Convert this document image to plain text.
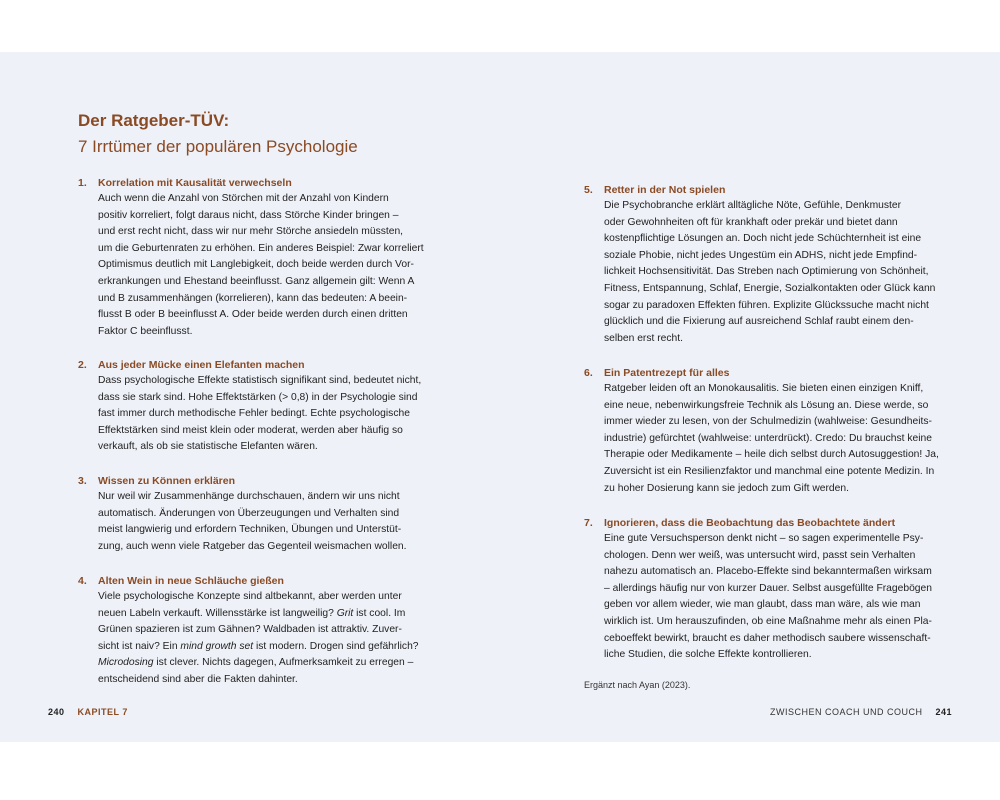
Der Ratgeber-TÜV:
7 Irrtümer der populären Psychologie
1. Korrelation mit Kausalität verwechseln

Auch wenn die Anzahl von Störchen mit der Anzahl von Kindern

positiv korreliert, folgt daraus nicht, dass Störche Kinder bringen –

und erst recht nicht, dass wir nur mehr Störche ansiedeln müssten,

um die Geburtenraten zu erhöhen. Ein anderes Beispiel: Zwar korreliert

Optimismus deutlich mit Langlebigkeit, doch beide werden durch Vor-

erkrankungen und Ehestand beeinflusst. Ganz allgemein gilt: Wenn A

und B zusammenhängen (korrelieren), kann das bedeuten: A beein-

flusst B oder B beeinflusst A. Oder beide werden durch einen dritten

Faktor C beeinflusst.

2. Aus jeder Mücke einen Elefanten machen

Dass psychologische Effekte statistisch signifikant sind, bedeutet nicht,

dass sie stark sind. Hohe Effektstärken (> 0,8) in der Psychologie sind

fast immer durch methodische Fehler bedingt. Echte psychologische

Effektstärken sind meist klein oder moderat, werden aber häufig so

verkauft, als ob sie statistische Elefanten wären.

3. Wissen zu Können erklären

Nur weil wir Zusammenhänge durchschauen, ändern wir uns nicht

automatisch. Änderungen von Überzeugungen und Verhalten sind

meist langwierig und erfordern Techniken, Übungen und Unterstüt-

zung, auch wenn viele Ratgeber das Gegenteil weismachen wollen.

4. Alten Wein in neue Schläuche gießen

Viele psychologische Konzepte sind altbekannt, aber werden unter

neuen Labeln verkauft. Willensstärke ist langweilig? Grit ist cool. Im

Grünen spazieren ist zum Gähnen? Waldbaden ist attraktiv. Zuver-

sicht ist naiv? Ein mind growth set ist modern. Drogen sind gefährlich?

Microdosing ist clever. Nichts dagegen, Aufmerksamkeit zu erregen –

entscheidend sind aber die Fakten dahinter.

5. Retter in der Not spielen

Die Psychobranche erklärt alltägliche Nöte, Gefühle, Denkmuster

oder Gewohnheiten oft für krankhaft oder prekär und bietet dann

kostenpflichtige Lösungen an. Doch nicht jede Schüchternheit ist eine

soziale Phobie, nicht jedes Ungestüm ein ADHS, nicht jede Empfind-

lichkeit Hochsensitivität. Das Streben nach Optimierung von Schönheit,

Fitness, Entspannung, Schlaf, Energie, Sozialkontakten oder Glück kann

sogar zu paradoxen Effekten führen. Explizite Glückssuche macht nicht

glücklich und die Fixierung auf ausreichend Schlaf raubt einem den-

selben erst recht.

6. Ein Patentrezept für alles

Ratgeber leiden oft an Monokausalitis. Sie bieten einen einzigen Kniff,

eine neue, nebenwirkungsfreie Technik als Lösung an. Diese werde, so

immer wieder zu lesen, von der Schulmedizin (wahlweise: Gesundheits-

industrie) gefürchtet (wahlweise: unterdrückt). Credo: Du brauchst keine

Therapie oder Medikamente – heile dich selbst durch Autosuggestion! Ja,

Zuversicht ist ein Resilienzfaktor und manchmal eine potente Medizin. In

zu hoher Dosierung kann sie jedoch zum Gift werden.

7. Ignorieren, dass die Beobachtung das Beobachtete ändert

Eine gute Versuchsperson denkt nicht – so sagen experimentelle Psy-

chologen. Denn wer weiß, was untersucht wird, passt sein Verhalten

nahezu automatisch an. Placebo-Effekte sind bekanntermaßen wirksam

– allerdings häufig nur von kurzer Dauer. Selbst ausgefüllte Fragebögen

geben vor allem wieder, wie man glaubt, dass man wäre, als wie man

wirklich ist. Um herauszufinden, ob eine Maßnahme mehr als einen Pla-

ceboeffekt bewirkt, braucht es daher methodisch saubere wissenschaft-

liche Studien, die solche Effekte kontrollieren.

Ergänzt nach Ayan (2023).
240 KAPITEL 7	ZWISCHEN COACH UND COUCH 241
